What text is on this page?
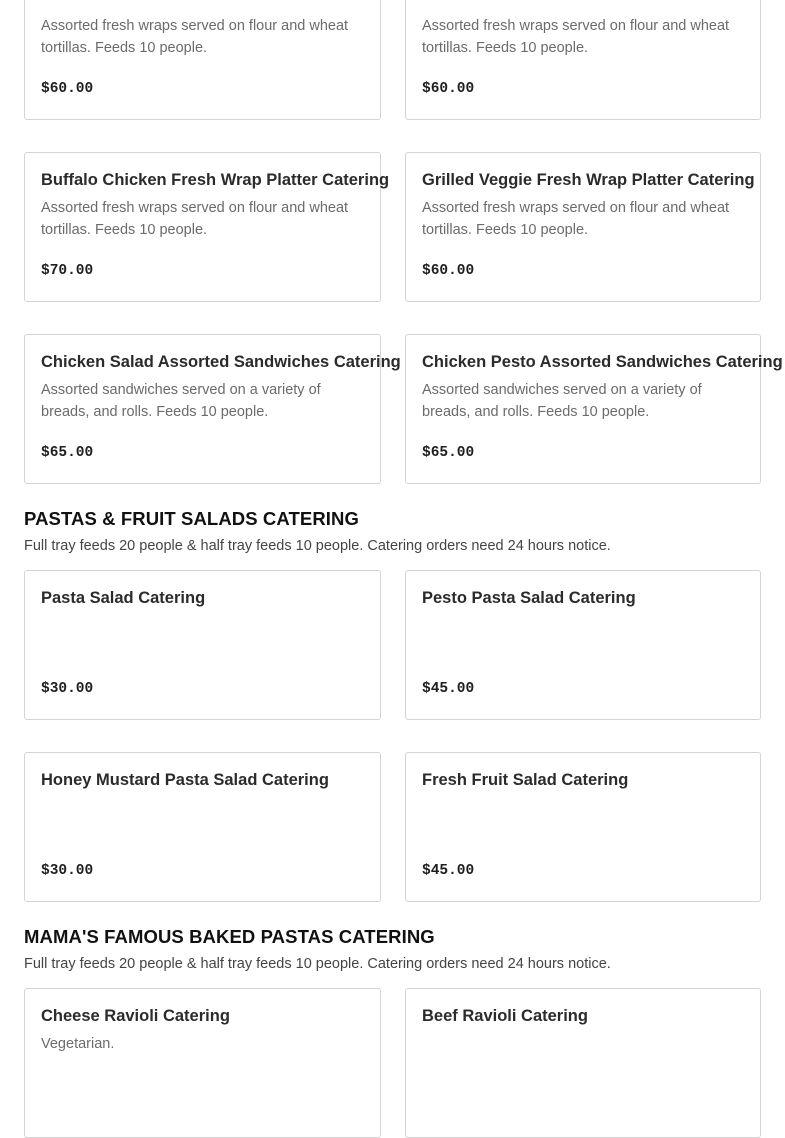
Assorted fresh wraps served on flour and wheat tortillas. Feeds 10 people.
$60.00
Assorted fresh wraps served on flour and wheat tortillas. Feeds 10 people.
$60.00
Buffalo Chicken Fresh Wrap Platter Catering
Assorted fresh wraps served on flour and wheat tortillas. Feeds 10 people.
$70.00
Grilled Veggie Fresh Wrap Platter Catering
Assorted fresh wraps served on flour and wheat tortillas. Feeds 10 people.
$60.00
Chicken Salad Assorted Sandwiches Catering
Assorted sandwiches served on a variety of breads, and rolls. Feeds 10 people.
$65.00
Chicken Pesto Assorted Sandwiches Catering
Assorted sandwiches served on a variety of breads, and rolls. Feeds 10 people.
$65.00
PASTAS & FRUIT SALADS CATERING

Full tray feeds 20 people & half tray feeds 10 people. Catering orders need 24 hours notice.

Pasta Salad Catering
$30.00
Pesto Pasta Salad Catering
$45.00
Honey Mustard Pasta Salad Catering
$30.00
Fresh Fruit Salad Catering
$45.00
MAMA'S FAMOUS BAKED PASTAS CATERING

Full tray feeds 20 people & half tray feeds 10 people. Catering orders need 24 hours notice.

Cheese Ravioli Catering
Vegetarian.
Beef Ravioli Catering
